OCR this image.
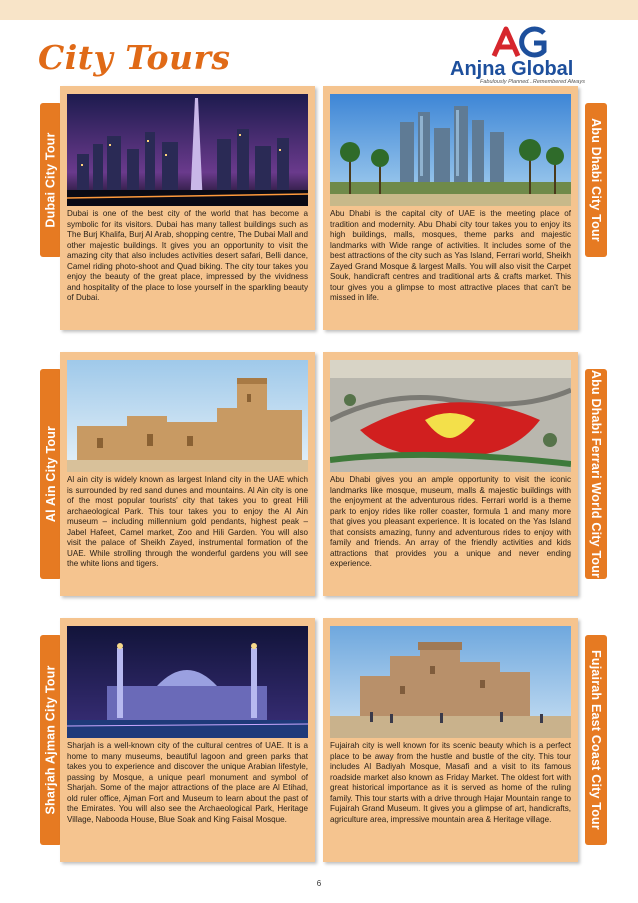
City Tours	Anjna Global
Fabulously Planned...Remembered Always
Dubai City Tour	Abu Dhabi City Tour
Al Ain City Tour	Abu Dhabi Ferrari World City Tour
Sharjah Ajman City Tour	Fujairah East Coast City Tour

Dubai is one of the best city of the world that has become a symbolic for its visitors. Dubai has many tallest buildings such as The Burj Khalifa, Burj Al Arab, shopping centre, The Dubai Mall and other majestic buildings. It gives you an opportunity to visit the amazing city that also includes activities desert safari, Belli dance, Camel riding photo-shoot and Quad biking. The city tour takes you enjoy the beauty of the great place, impressed by the vividness and hospitality of the place to lose yourself in the sparkling beauty of Dubai.

Abu Dhabi is the capital city of UAE is the meeting place of tradition and modernity. Abu Dhabi city tour takes you to enjoy its high buildings, malls, mosques, theme parks and majestic landmarks with Wide range of activities. It includes some of the best attractions of the city such as Yas Island, Ferrari world, Sheikh Zayed Grand Mosque & largest Malls. You will also visit the Carpet Souk, handicraft centres and traditional arts & crafts market. This tour gives you a glimpse to most attractive places that can't be missed in life.

Al ain city is widely known as largest Inland city in the UAE which is surrounded by red sand dunes and mountains. Al Ain city is one of the most popular tourists' city that takes you to great Hili archaeological Park. This tour takes you to enjoy the Al Ain museum – including millennium gold pendants, highest peak – Jabel Hafeet, Camel market, Zoo and Hili Garden. You will also visit the palace of Sheikh Zayed, instrumental formation of the UAE. While strolling through the wonderful gardens you will see the white lions and tigers.

Abu Dhabi gives you an ample opportunity to visit the iconic landmarks like mosque, museum, malls & majestic buildings with the enjoyment at the adventurous rides. Ferrari world is a theme park to enjoy rides like roller coaster, formula 1 and many more that gives you pleasant experience. It is located on the Yas Island that consists amazing, funny and adventurous rides to enjoy with family and friends. An array of the friendly activities and kids attractions that provides you a unique and never ending experience.

Sharjah is a well-known city of the cultural centres of UAE. It is a home to many museums, beautiful lagoon and green parks that takes you to experience and discover the unique Arabian lifestyle, passing by Mosque, a unique pearl monument and symbol of Sharjah. Some of the major attractions of the place are Al Etihad, old ruler office, Ajman Fort and Museum to learn about the past of the Emirates. You will also see the Archaeological Park, Heritage Village, Nabooda House, Blue Soak and King Faisal Mosque.

Fujairah city is well known for its scenic beauty which is a perfect place to be away from the hustle and bustle of the city. This tour includes Al Badiyah Mosque, Masafi and a visit to its famous roadside market also known as Friday Market. The oldest fort with great historical importance as it is served as home of the ruling family. This tour starts with a drive through Hajar Mountain range to Fujairah Grand Museum. It gives you a glimpse of art, handicrafts, agriculture area, impressive mountain area & Heritage village.

6
